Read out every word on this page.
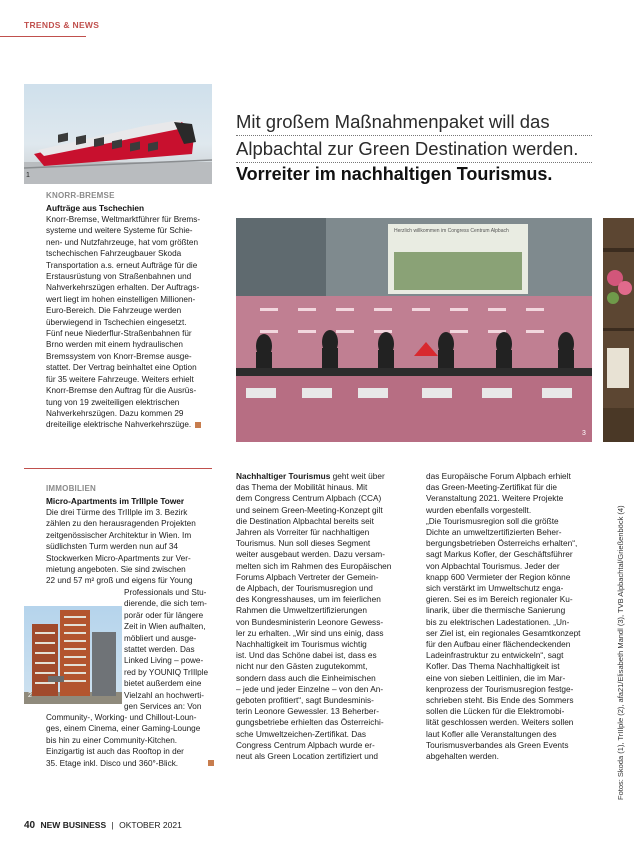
TRENDS & NEWS
1
KNORR-BREMSE
Aufträge aus Tschechien
Knorr-Bremse, Weltmarktführer für Brems-
systeme und weitere Systeme für Schie-
nen- und Nutzfahrzeuge, hat vom größten
tschechischen Fahrzeugbauer Skoda
Transportation a.s. erneut Aufträge für die
Erstausrüstung von Straßenbahnen und
Nahverkehrszügen erhalten. Der Auftrags-
wert liegt im hohen einstelligen Millionen-
Euro-Bereich. Die Fahrzeuge werden
überwiegend in Tschechien eingesetzt.
Fünf neue Niederflur-Straßenbahnen für
Brno werden mit einem hydraulischen
Bremssystem von Knorr-Bremse ausge-
stattet. Der Vertrag beinhaltet eine Option
für 35 weitere Fahrzeuge. Weiters erhielt
Knorr-Bremse den Auftrag für die Ausrüs-
tung von 19 zweiteiligen elektrischen
Nahverkehrszügen. Dazu kommen 29
dreiteilige elektrische Nahverkehrszüge.
IMMOBILIEN
Micro-Apartments im TrIIlple Tower
Die drei Türme des TrIIlple im 3. Bezirk
zählen zu den herausragenden Projekten
zeitgenössischer Architektur in Wien. Im
südlichsten Turm werden nun auf 34
Stockwerken Micro-Apartments zur Ver-
mietung angeboten. Sie sind zwischen
22 und 57 m² groß und eigens für Young
2
Professionals und Stu-
dierende, die sich tem-
porär oder für längere
Zeit in Wien aufhalten,
möbliert und ausge-
stattet werden. Das
Linked Living – powe-
red by YOUNIQ TrIIlple
bietet außerdem eine
Vielzahl an hochwerti-
gen Services an: Von
Community-, Working- und Chillout-Loun-
ges, einem Cinema, einer Gaming-Lounge
bis hin zu einer Community-Kitchen.
Einzigartig ist auch das Rooftop in der
35. Etage inkl. Disco und 360°-Blick.
Mit großem Maßnahmenpaket will das
Alpbachtal zur Green Destination werden.
Vorreiter im nachhaltigen Tourismus.
Herzlich willkommen im Congress Centrum Alpbach
3
Nachhaltiger Tourismus geht weit über
das Thema der Mobilität hinaus. Mit
dem Congress Centrum Alpbach (CCA)
und seinem Green-Meeting-Konzept gilt
die Destination Alpbachtal bereits seit
Jahren als Vorreiter für nachhaltigen
Tourismus. Nun soll dieses Segment
weiter ausgebaut werden. Dazu versam-
melten sich im Rahmen des Europäischen
Forums Alpbach Vertreter der Gemein-
de Alpbach, der Tourismusregion und
des Kongresshauses, um im feierlichen
Rahmen die Umweltzertifizierungen
von Bundesministerin Leonore Gewess-
ler zu erhalten. „Wir sind uns einig, dass
Nachhaltigkeit im Tourismus wichtig
ist. Und das Schöne dabei ist, dass es
nicht nur den Gästen zugutekommt,
sondern dass auch die Einheimischen
– jede und jeder Einzelne – von den An-
geboten profitiert“, sagt Bundesminis-
terin Leonore Gewessler. 13 Beherber-
gungsbetriebe erhielten das Österreichi-
sche Umweltzeichen-Zertifikat. Das
Congress Centrum Alpbach wurde er-
neut als Green Location zertifiziert und
das Europäische Forum Alpbach erhielt
das Green-Meeting-Zertifikat für die
Veranstaltung 2021. Weitere Projekte
wurden ebenfalls vorgestellt.
„Die Tourismusregion soll die größte
Dichte an umweltzertifizierten Beher-
bergungsbetrieben Österreichs erhalten“,
sagt Markus Kofler, der Geschäftsführer
von Alpbachtal Tourismus. Jeder der
knapp 600 Vermieter der Region könne
sich verstärkt im Umweltschutz enga-
gieren. Sei es im Bereich regionaler Ku-
linarik, über die thermische Sanierung
bis zu elektrischen Ladestationen. „Un-
ser Ziel ist, ein regionales Gesamtkonzept
für den Aufbau einer flächendeckenden
Ladeinfrastruktur zu entwickeln“, sagt
Kofler. Das Thema Nachhaltigkeit ist
eine von sieben Leitlinien, die im Mar-
kenprozess der Tourismusregion festge-
schrieben steht. Bis Ende des Sommers
sollen die Lücken für die Elektromobi-
lität geschlossen werden. Weiters sollen
laut Kofler alle Veranstaltungen des
Tourismusverbandes als Green Events
abgehalten werden.	Fotos: Skoda (1), TrIIlple (2), afa21/Elisabeth Mandl (3), TVB Alpbachtal/Grießenböck (4)
40 NEW BUSINESS | OKTOBER 2021
